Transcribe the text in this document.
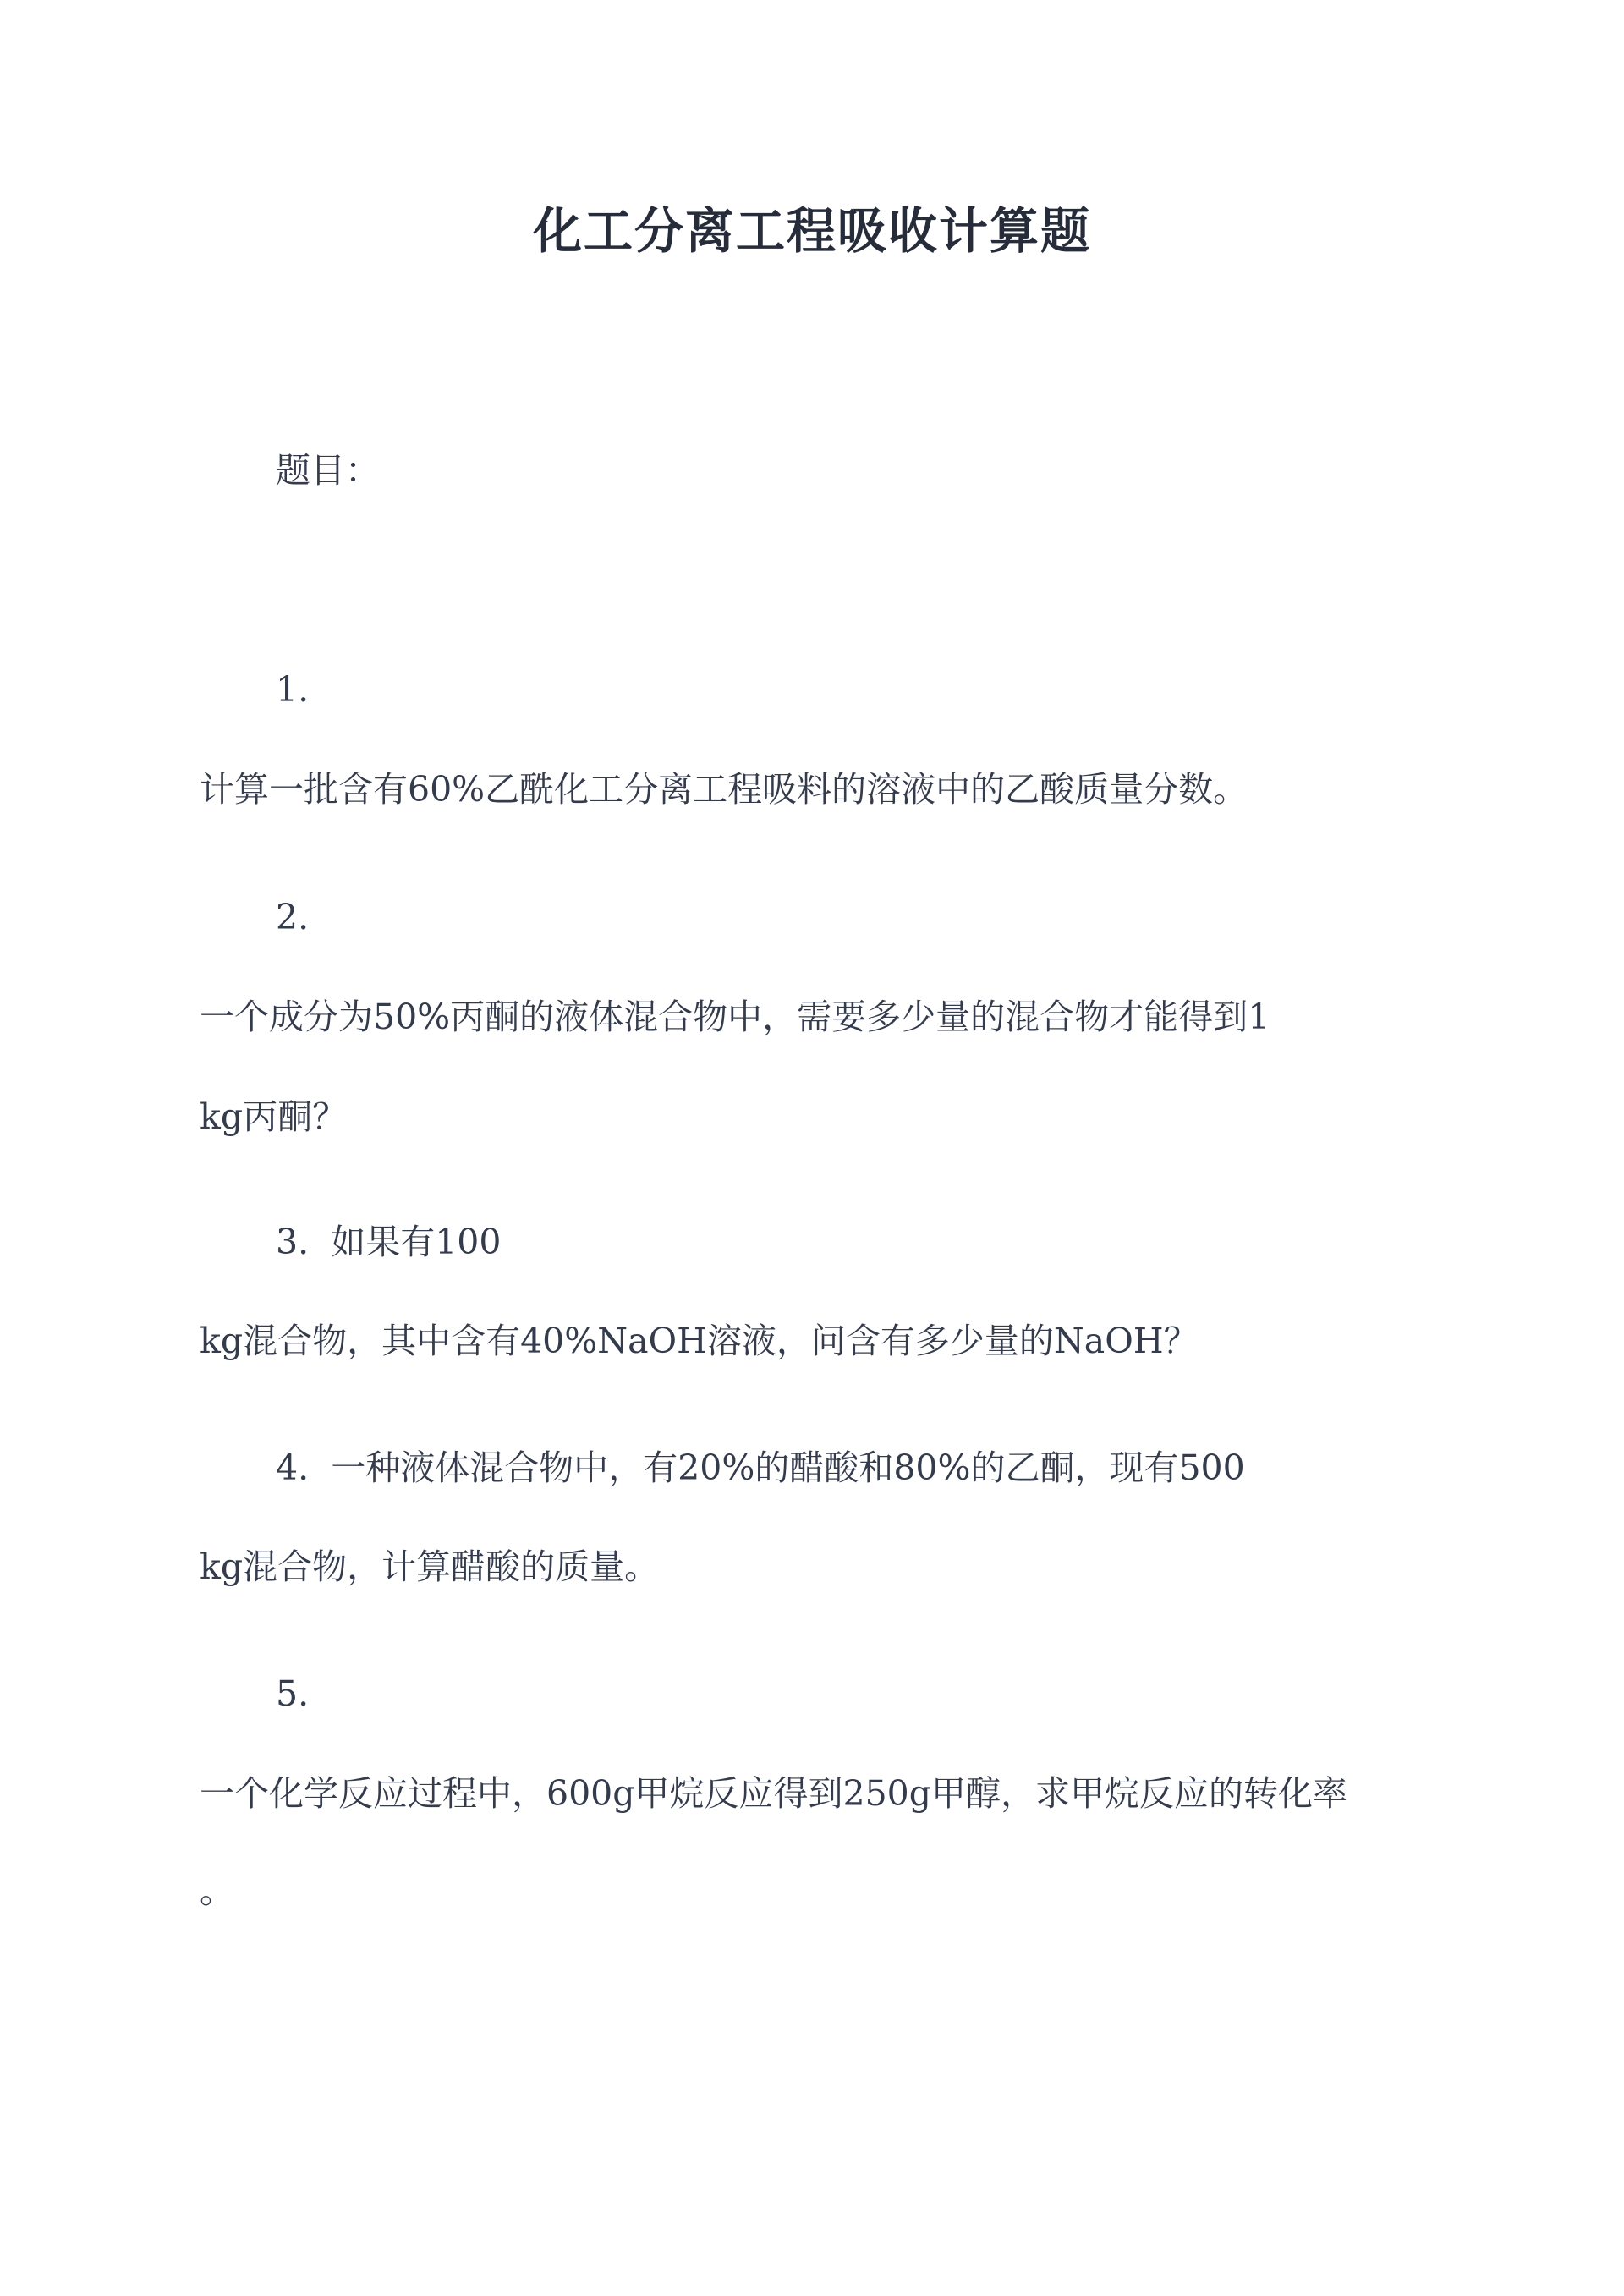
化工分离工程吸收计算题
题目：
1.
计算一批含有60%乙酰化工分离工程吸料的溶液中的乙酸质量分数。
2.
一个成分为50%丙酮的液体混合物中，需要多少量的混合物才能得到1
kg丙酮？
3. 如果有100
kg混合物，其中含有40%NaOH溶液，问含有多少量的NaOH？
4. 一种液体混合物中，有20%的醋酸和80%的乙酮，现有500
kg混合物，计算醋酸的质量。
5.
一个化学反应过程中，600g甲烷反应得到250g甲醇，求甲烷反应的转化率
。
